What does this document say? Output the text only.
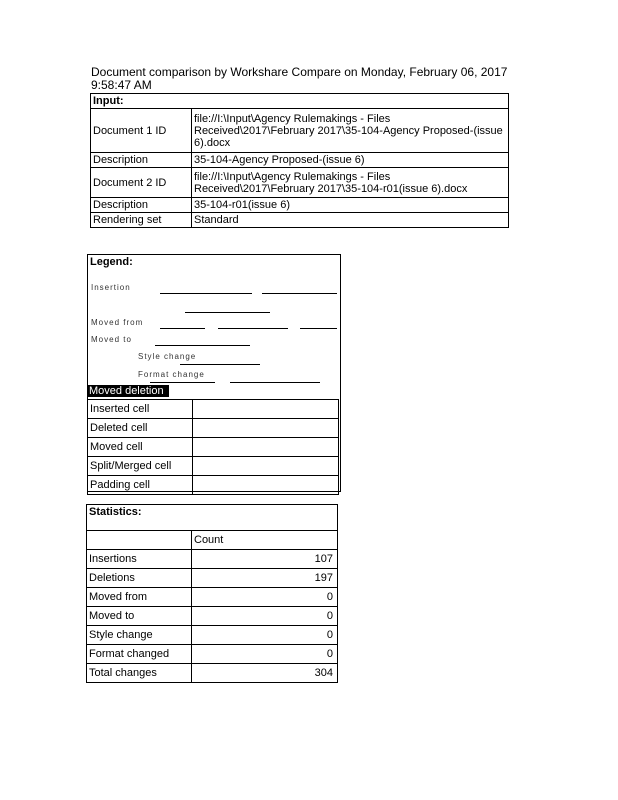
Document comparison by Workshare Compare on Monday, February 06, 2017 9:58:47 AM
Input:	
Document 1 ID	file://I:\Input\Agency Rulemakings - Files Received\2017\February 2017\35-104-Agency Proposed-(issue 6).docx
Description	35-104-Agency Proposed-(issue 6)
Document 2 ID	file://I:\Input\Agency Rulemakings - Files Received\2017\February 2017\35-104-r01(issue 6).docx
Description	35-104-r01(issue 6)
Rendering set	Standard
Legend:
Insertion
Deletion
Moved from
Moved to
Style change
Format change
Moved deletion
Inserted cell	
Deleted cell	
Moved cell	
Split/Merged cell	
Padding cell	
Statistics:	
	Count
Insertions	107
Deletions	197
Moved from	0
Moved to	0
Style change	0
Format changed	0
Total changes	304
